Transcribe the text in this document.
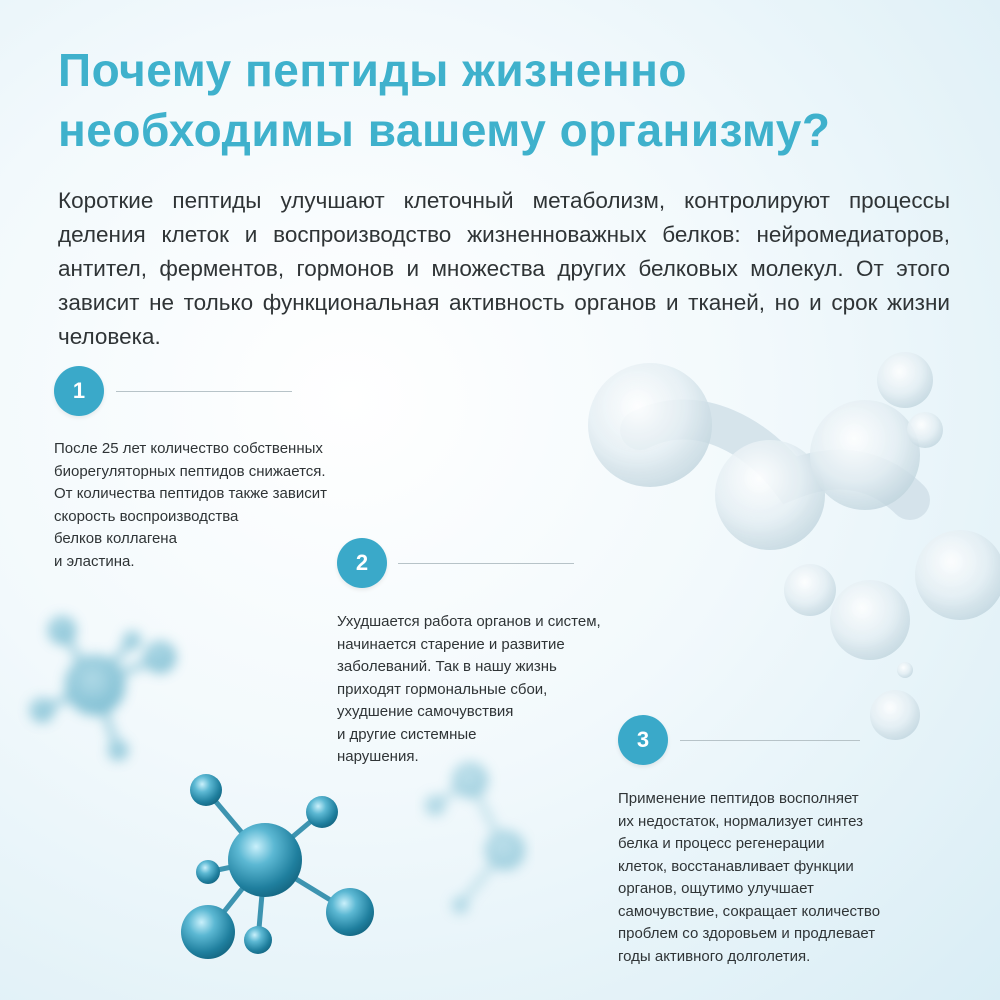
Почему пептиды жизненно
необходимы вашему организму?

Короткие пептиды улучшают клеточный метаболизм, контролируют процессы деления клеток и воспроизводство жизненноважных белков: нейромедиаторов, антител, ферментов, гормонов и множества других белковых молекул. От этого зависит не только функциональная активность органов и тканей, но и срок жизни человека.

1

После 25 лет количество собственных
биорегуляторных пептидов снижается.
От количества пептидов также зависит
скорость воспроизводства
белков коллагена
и эластина.	2

Ухудшается работа органов и систем,
начинается старение и развитие
заболеваний. Так в нашу жизнь
приходят гормональные сбои,
ухудшение самочувствия
и другие системные
нарушения.

3

Применение пептидов восполняет
их недостаток, нормализует синтез
белка и процесс регенерации
клеток, восстанавливает функции
органов, ощутимо улучшает
самочувствие, сокращает количество
проблем со здоровьем и продлевает
годы активного долголетия.
